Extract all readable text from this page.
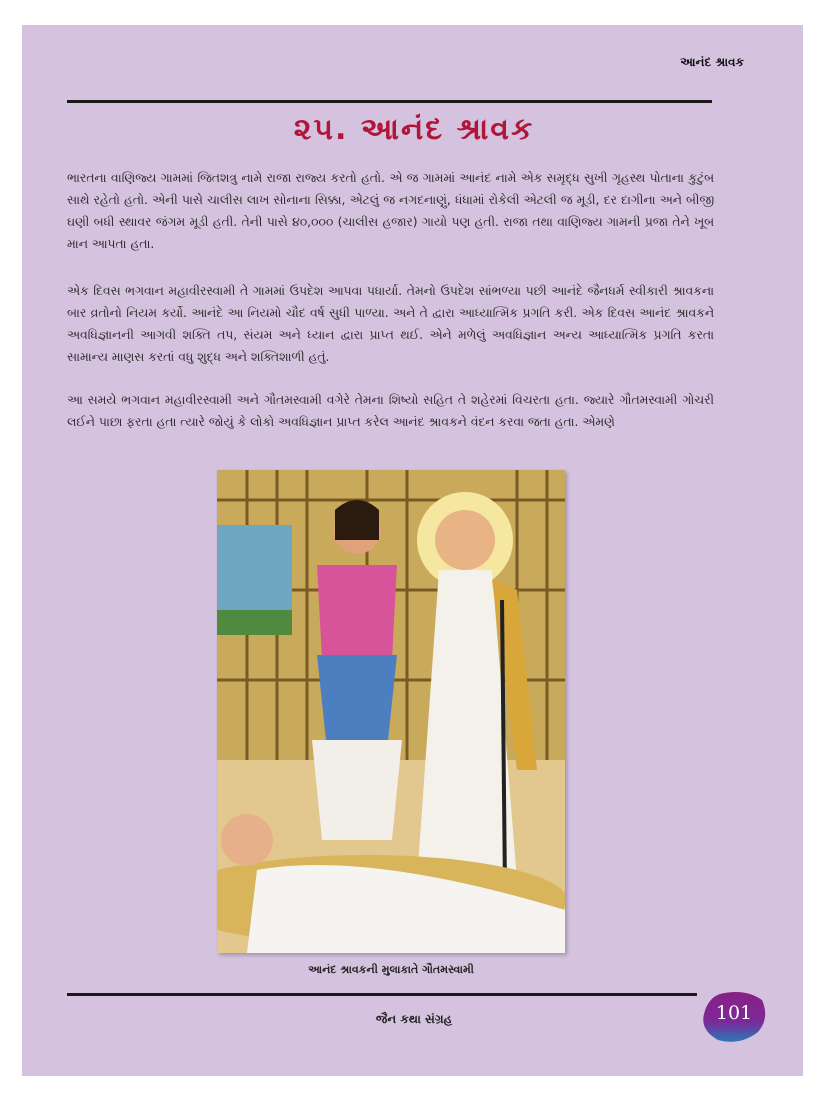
આનંદ શ્રાવક
૨૫. આનંદ શ્રાવક

ભારતના વાણિજ્ય ગામમાં જિતશત્રુ નામે રાજા રાજ્ય કરતો હતો. એ જ ગામમાં આનંદ નામે એક સમૃદ્ધ સુખી ગૃહસ્થ પોતાના કુટુંબ સાથે રહેતો હતો. એની પાસે ચાલીસ લાખ સોનાના સિક્કા, એટલું જ નગદનાણું, ધંધામાં રોકેલી એટલી જ મૂડી, દર દાગીના અને બીજી ઘણી બધી સ્થાવર જંગમ મૂડી હતી. તેની પાસે ૪૦,૦૦૦ (ચાલીસ હજાર) ગાયો પણ હતી. રાજા તથા વાણિજ્ય ગામની પ્રજા તેને ખૂબ માન આપતા હતા.

એક દિવસ ભગવાન મહાવીરસ્વામી તે ગામમાં ઉપદેશ આપવા પધાર્યા. તેમનો ઉપદેશ સાંભળ્યા પછી આનંદે જૈનધર્મ સ્વીકારી શ્રાવકના બાર વ્રતોનો નિયમ કર્યો. આનંદે આ નિયમો ચૌદ વર્ષ સુધી પાળ્યા. અને તે દ્વારા આધ્યાત્મિક પ્રગતિ કરી. એક દિવસ આનંદ શ્રાવકને અવધિજ્ઞાનની આગવી શક્તિ તપ, સંયમ અને ધ્યાન દ્વારા પ્રાપ્ત થઈ. એને મળેલું અવધિજ્ઞાન અન્ય આધ્યાત્મિક પ્રગતિ કરતા સામાન્ય માણસ કરતાં વધુ શુદ્ધ અને શક્તિશાળી હતું.

આ સમયે ભગવાન મહાવીરસ્વામી અને ગૌતમસ્વામી વગેરે તેમના શિષ્યો સહિત તે શહેરમાં વિચરતા હતા. જ્યારે ગૌતમસ્વામી ગોચરી લઈને પાછા ફરતા હતા ત્યારે જોયું કે લોકો અવધિજ્ઞાન પ્રાપ્ત કરેલ આનંદ શ્રાવકને વંદન કરવા જતા હતા. એમણે

આનંદ શ્રાવકની મુલાકાતે ગૌતમસ્વામી
જૈન કથા સંગ્રહ	101
